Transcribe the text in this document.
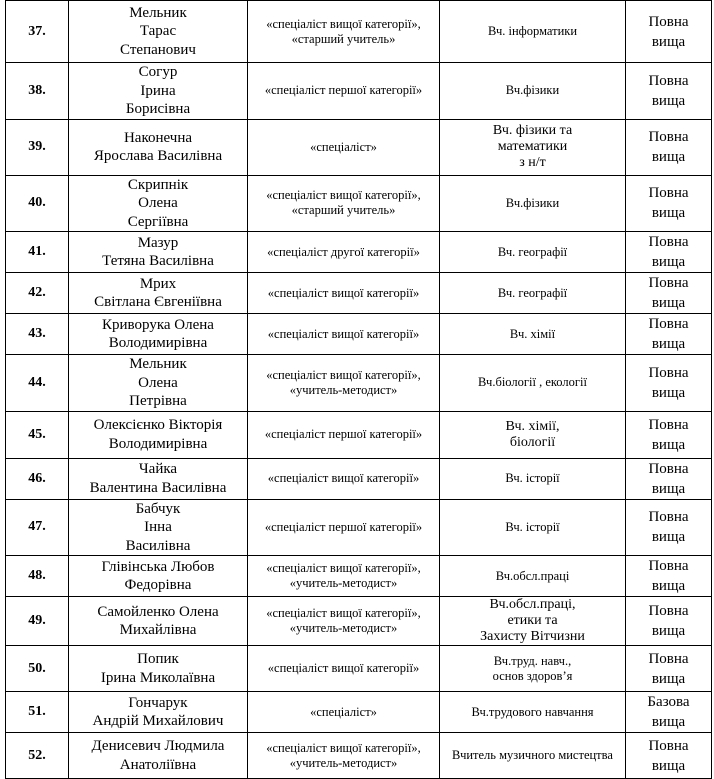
37.	Мельник
Тарас
Степанович	«спеціаліст вищої категорії»,
«старший учитель»	Вч. інформатики	Повна
вища

38.	Согур
Ірина
Борисівна	«спеціаліст першої категорії»	Вч.фізики	Повна
вища

39.	Наконечна
Ярослава Василівна	«спеціаліст»	Вч. фізики та
математики
з н/т	Повна
вища

40.	Скрипнік
Олена
Сергіївна	«спеціаліст вищої категорії»,
«старший учитель»	Вч.фізики	Повна
вища

41.	Мазур
Тетяна Василівна	«спеціаліст другої категорії»	Вч. географії	Повна
вища

42.	Мрих
Світлана Євгеніївна	«спеціаліст вищої категорії»	Вч. географії	Повна
вища

43.	Криворука Олена
Володимирівна	«спеціаліст вищої категорії»	Вч. хімії	Повна
вища

44.	Мельник
Олена
Петрівна	«спеціаліст вищої категорії»,
«учитель-методист»	Вч.біології , екології	Повна
вища

45.	Олексієнко Вікторія
Володимирівна	«спеціаліст першої категорії»	Вч. хімії,
біології	Повна
вища

46.	Чайка
Валентина Василівна	«спеціаліст вищої категорії»	Вч. історії	Повна
вища

47.	Бабчук
Інна
Василівна	«спеціаліст першої категорії»	Вч. історії	Повна
вища

48.	Глівінська Любов
Федорівна	«спеціаліст вищої категорії»,
«учитель-методист»	Вч.обсл.праці	Повна
вища

49.	Самойленко Олена
Михайлівна	«спеціаліст вищої категорії»,
«учитель-методист»	Вч.обсл.праці,
етики та
Захисту Вітчизни	Повна
вища

50.	Попик
Ірина Миколаївна	«спеціаліст вищої категорії»	Вч.труд. навч.,
основ здоров’я	Повна
вища

51.	Гончарук
Андрій Михайлович	«спеціаліст»	Вч.трудового навчання	Базова
вища

52.	Денисевич Людмила
Анатоліївна	«спеціаліст вищої категорії»,
«учитель-методист»	Вчитель музичного мистецтва	Повна
вища
